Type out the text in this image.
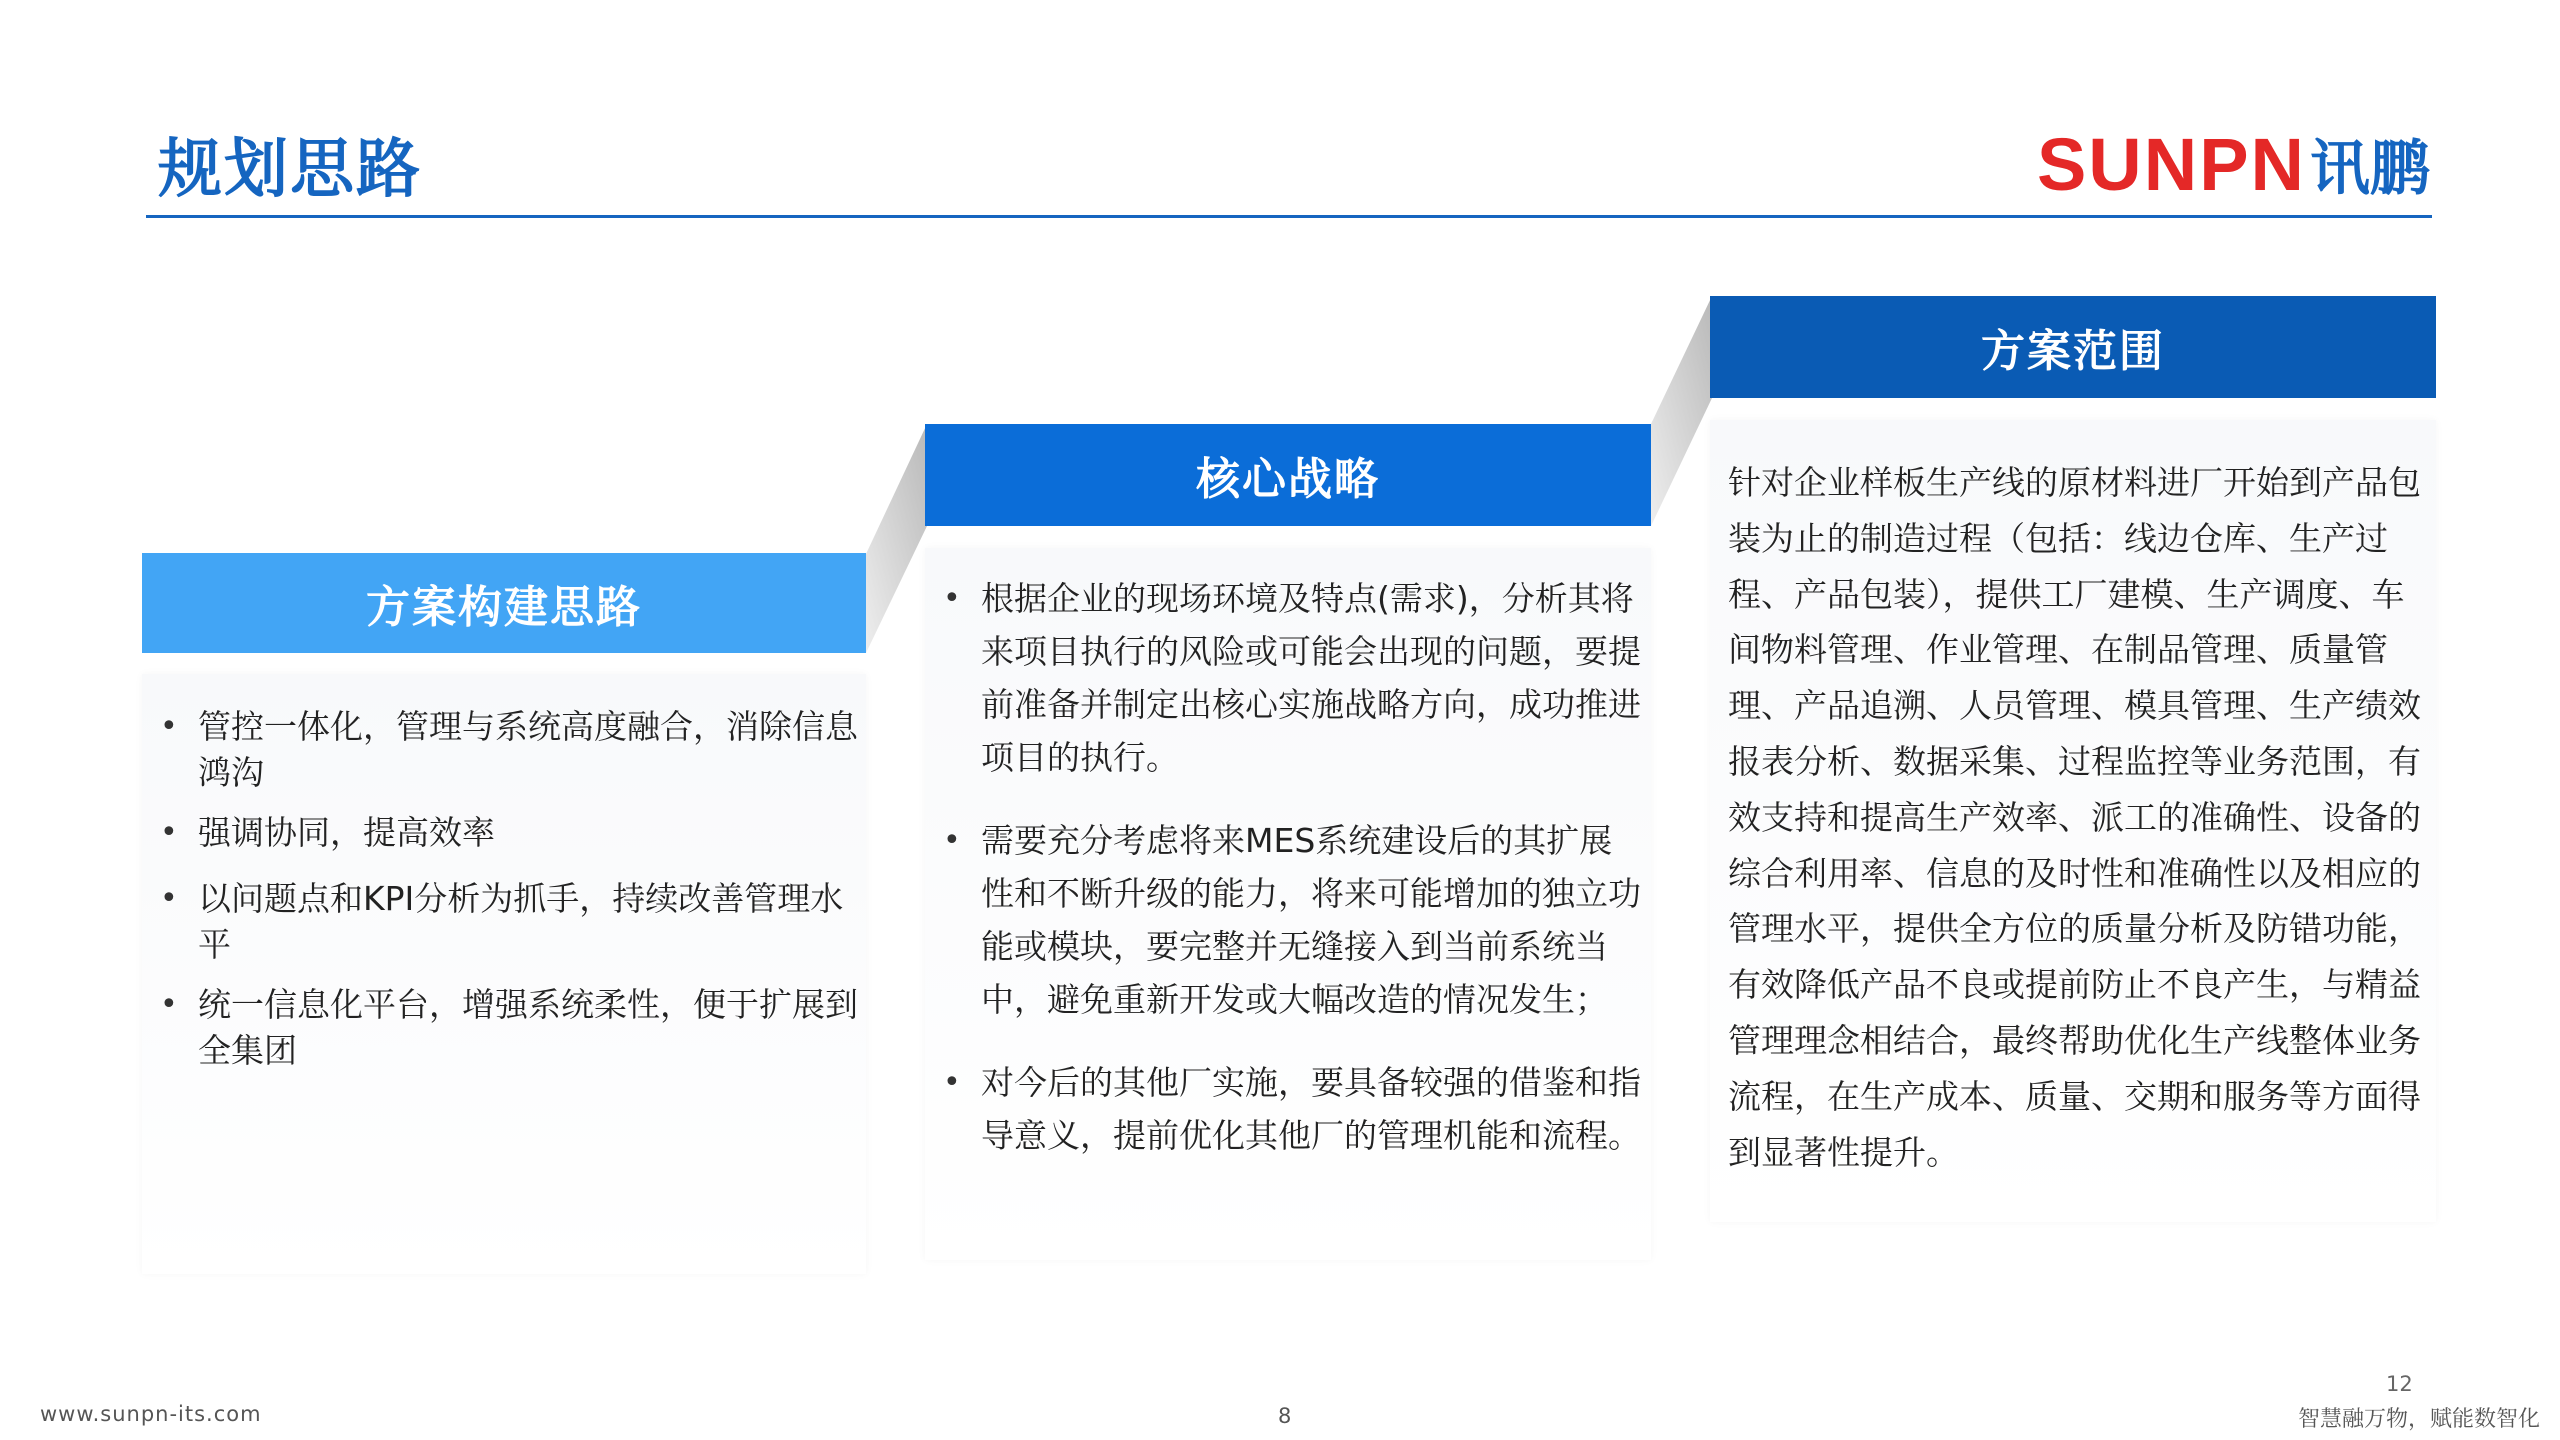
规划思路	SUNPN 讯鹏
方案构建思路
• 管控一体化，管理与系统高度融合，消除信息鸿沟
• 强调协同，提高效率
• 以问题点和KPI分析为抓手，持续改善管理水平
• 统一信息化平台，增强系统柔性，便于扩展到全集团
核心战略
• 根据企业的现场环境及特点(需求)，分析其将来项目执行的风险或可能会出现的问题，要提前准备并制定出核心实施战略方向，成功推进项目的执行。
• 需要充分考虑将来MES系统建设后的其扩展性和不断升级的能力，将来可能增加的独立功能或模块，要完整并无缝接入到当前系统当中，避免重新开发或大幅改造的情况发生；
• 对今后的其他厂实施，要具备较强的借鉴和指导意义，提前优化其他厂的管理机能和流程。
方案范围
针对企业样板生产线的原材料进厂开始到产品包装为止的制造过程（包括：线边仓库、生产过程、产品包装），提供工厂建模、生产调度、车间物料管理、作业管理、在制品管理、质量管理、产品追溯、人员管理、模具管理、生产绩效报表分析、数据采集、过程监控等业务范围，有效支持和提高生产效率、派工的准确性、设备的综合利用率、信息的及时性和准确性以及相应的管理水平，提供全方位的质量分析及防错功能，有效降低产品不良或提前防止不良产生，与精益管理理念相结合，最终帮助优化生产线整体业务流程，在生产成本、质量、交期和服务等方面得到显著性提升。
www.sunpn-its.com	8
12
智慧融万物，赋能数智化
